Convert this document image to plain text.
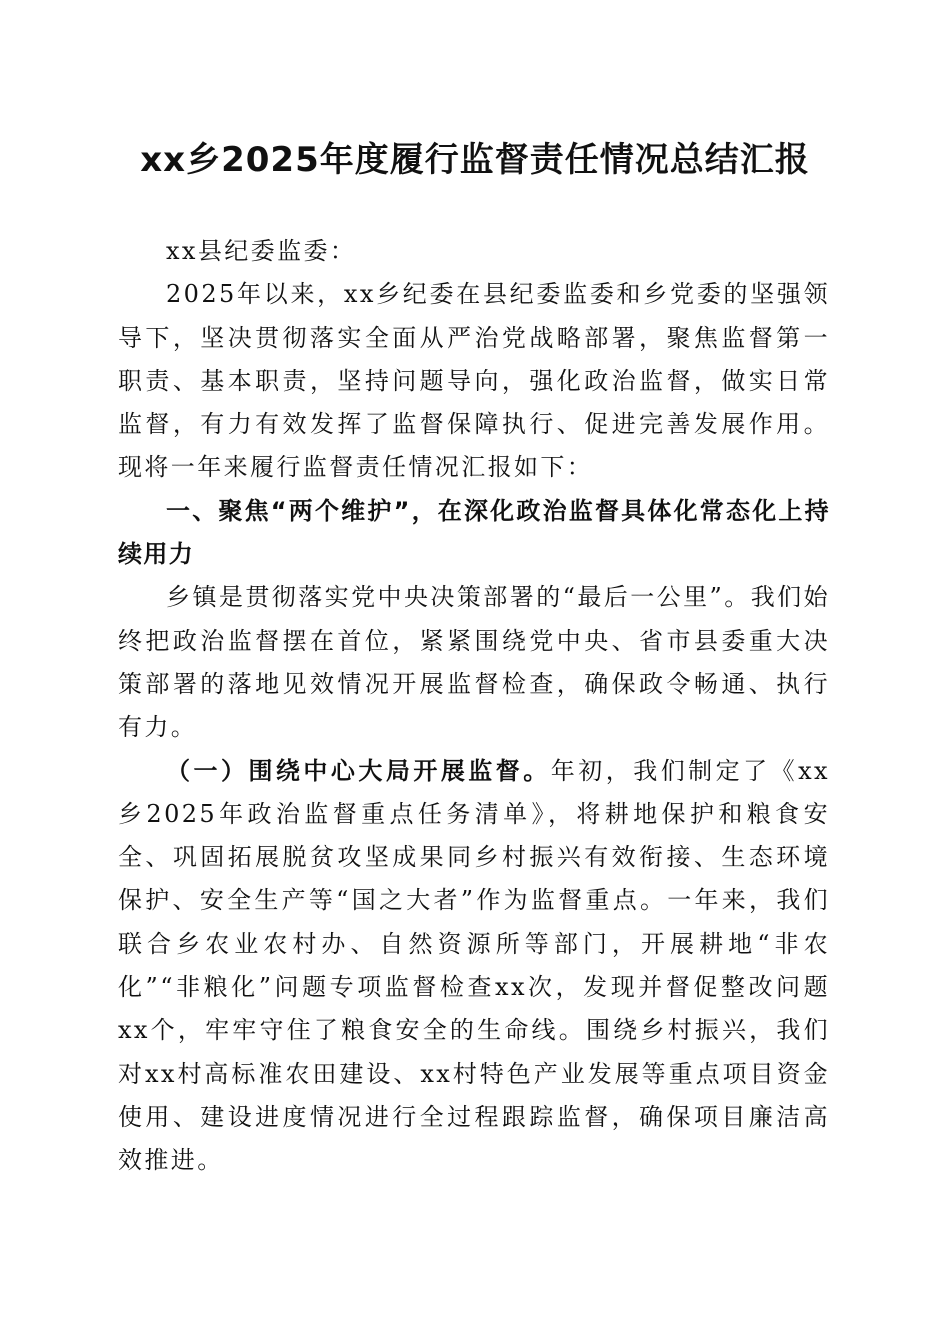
xx乡2025年度履行监督责任情况总结汇报

xx县纪委监委：

2025年以来，xx乡纪委在县纪委监委和乡党委的坚强领导下，坚决贯彻落实全面从严治党战略部署，聚焦监督第一职责、基本职责，坚持问题导向，强化政治监督，做实日常监督，有力有效发挥了监督保障执行、促进完善发展作用。现将一年来履行监督责任情况汇报如下：

一、聚焦“两个维护”，在深化政治监督具体化常态化上持续用力

乡镇是贯彻落实党中央决策部署的“最后一公里”。我们始终把政治监督摆在首位，紧紧围绕党中央、省市县委重大决策部署的落地见效情况开展监督检查，确保政令畅通、执行有力。

（一）围绕中心大局开展监督。年初，我们制定了《xx乡2025年政治监督重点任务清单》，将耕地保护和粮食安全、巩固拓展脱贫攻坚成果同乡村振兴有效衔接、生态环境保护、安全生产等“国之大者”作为监督重点。一年来，我们联合乡农业农村办、自然资源所等部门，开展耕地“非农化”“非粮化”问题专项监督检查xx次，发现并督促整改问题xx个，牢牢守住了粮食安全的生命线。围绕乡村振兴，我们对xx村高标准农田建设、xx村特色产业发展等重点项目资金使用、建设进度情况进行全过程跟踪监督，确保项目廉洁高效推进。
